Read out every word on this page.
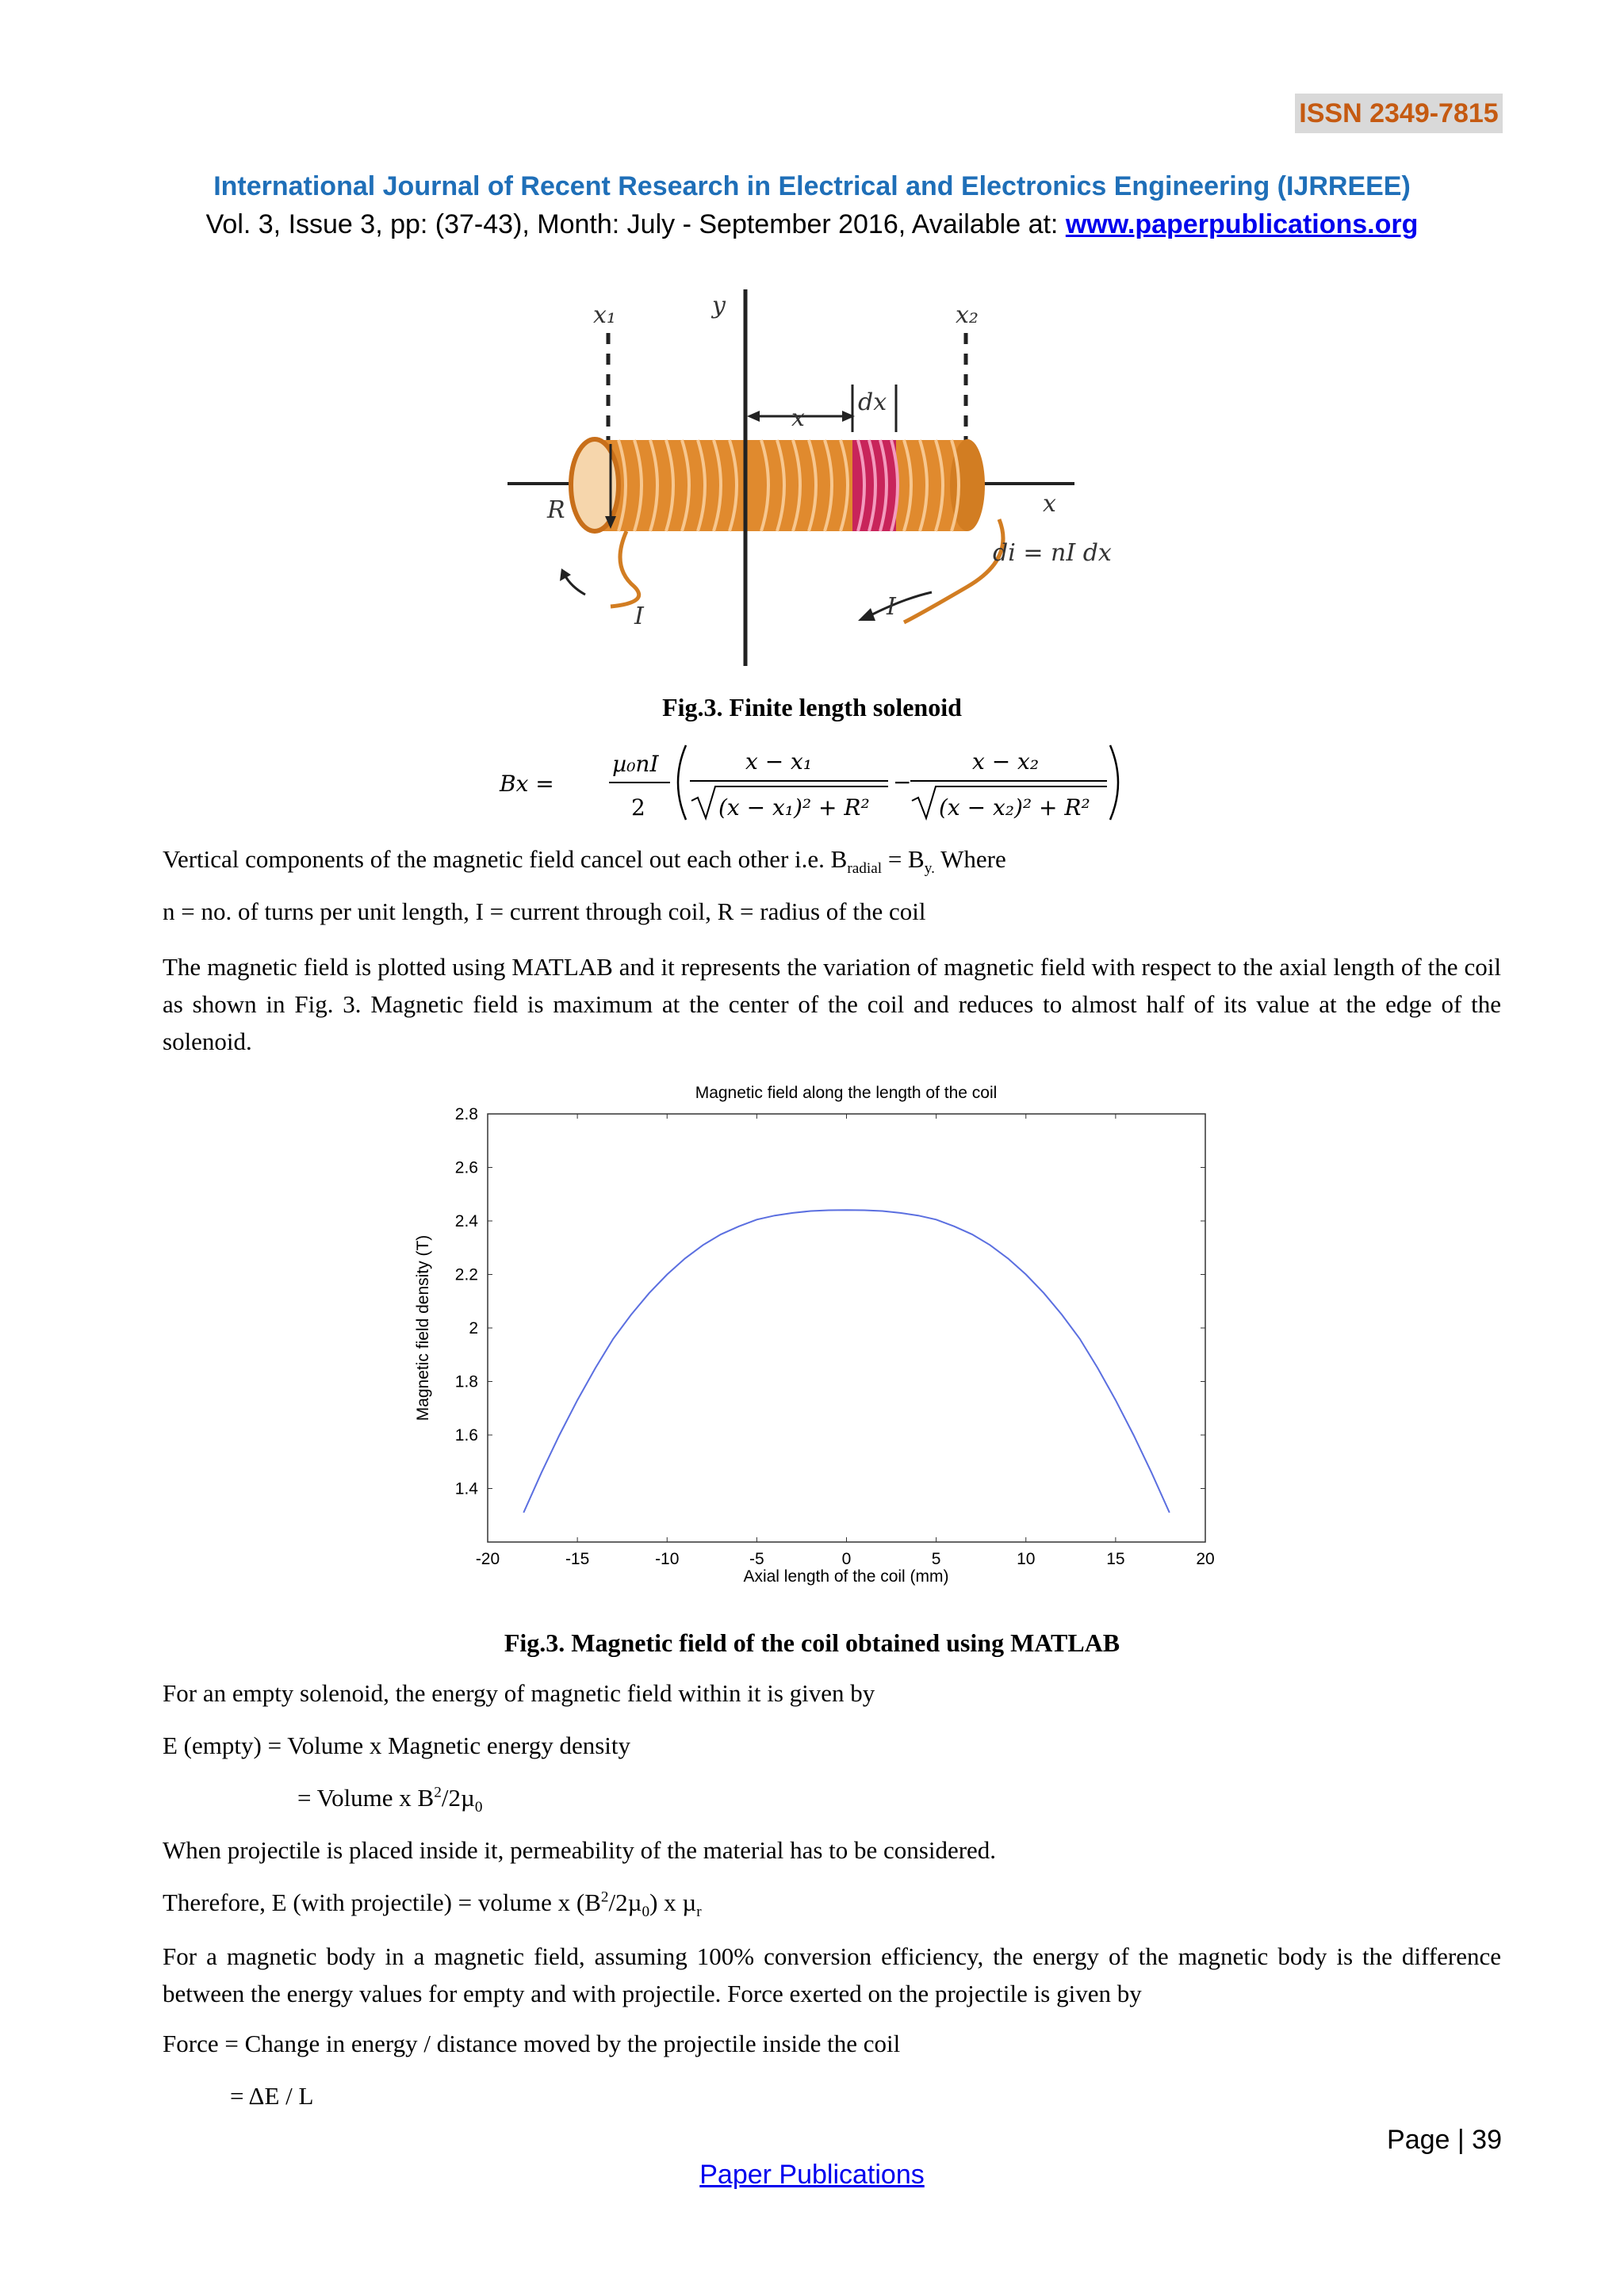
ISSN 2349-7815
International Journal of Recent Research in Electrical and Electronics Engineering (IJRREEE)
Vol. 3, Issue 3, pp: (37-43), Month: July - September 2016, Available at: www.paperpublications.org
x₁	x₂
y
x
x
dx
R
di = nI dx
I	I
Fig.3. Finite length solenoid
Bx =
µ₀nI
2
x − x₁
(x − x₁)² + R²
−
x − x₂
(x − x₂)² + R²
Vertical components of the magnetic field cancel out each other i.e. $B_{radial} = B_{y.}$ Where
n = no. of turns per unit length, I = current through coil, R = radius of the coil
The magnetic field is plotted using MATLAB and it represents the variation of magnetic field with respect to the axial length of the coil as shown in Fig. 3. Magnetic field is maximum at the center of the coil and reduces to almost half of its value at the edge of the solenoid.
Magnetic field along the length of the coil
-20	-15	-10	-5	0	5	10	15	20
1.4
1.6
1.8
2
2.2
2.4
2.6
2.8
Axial length of the coil (mm)
Magnetic field density (T)
Fig.3. Magnetic field of the coil obtained using MATLAB
For an empty solenoid, the energy of magnetic field within it is given by
E (empty) = Volume x Magnetic energy density
= Volume x $B^2/2\mu_0$
When projectile is placed inside it, permeability of the material has to be considered.
Therefore, E (with projectile) = volume x $(B^2/2\mu_0)$ x µ$_r$
For a magnetic body in a magnetic field, assuming 100% conversion efficiency, the energy of the magnetic body is the difference between the energy values for empty and with projectile. Force exerted on the projectile is given by
Force = Change in energy / distance moved by the projectile inside the coil
= ΔE / L
Page | 39
Paper Publications
